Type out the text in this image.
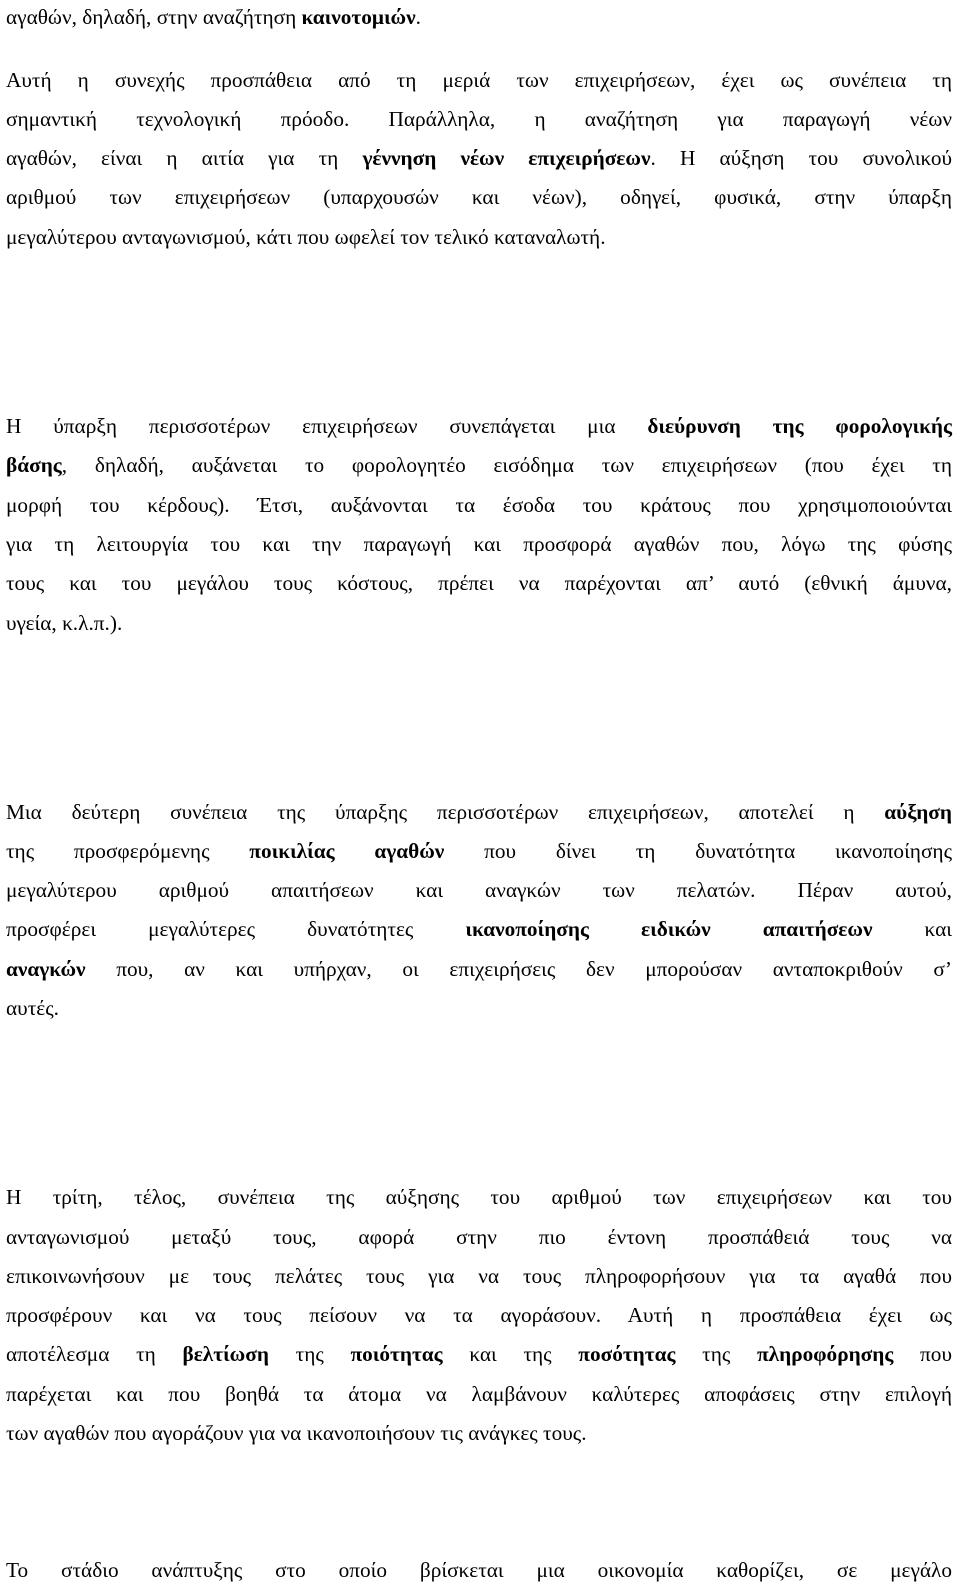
αγαθών, δηλαδή, στην αναζήτηση καινοτομιών.
Αυτή η συνεχής προσπάθεια από τη μεριά των επιχειρήσεων, έχει ως συνέπεια τη
σημαντική τεχνολογική πρόοδο. Παράλληλα, η αναζήτηση για παραγωγή νέων
αγαθών, είναι η αιτία για τη γέννηση νέων επιχειρήσεων. Η αύξηση του συνολικού
αριθμού των επιχειρήσεων (υπαρχουσών και νέων), οδηγεί, φυσικά, στην ύπαρξη
μεγαλύτερου ανταγωνισμού, κάτι που ωφελεί τον τελικό καταναλωτή.
Η ύπαρξη περισσοτέρων επιχειρήσεων συνεπάγεται μια διεύρυνση της φορολογικής
βάσης, δηλαδή, αυξάνεται το φορολογητέο εισόδημα των επιχειρήσεων (που έχει τη
μορφή του κέρδους). Έτσι, αυξάνονται τα έσοδα του κράτους που χρησιμοποιούνται
για τη λειτουργία του και την παραγωγή και προσφορά αγαθών που, λόγω της φύσης
τους και του μεγάλου τους κόστους, πρέπει να παρέχονται απ’ αυτό (εθνική άμυνα,
υγεία, κ.λ.π.).
Μια δεύτερη συνέπεια της ύπαρξης περισσοτέρων επιχειρήσεων, αποτελεί η αύξηση
της προσφερόμενης ποικιλίας αγαθών που δίνει τη δυνατότητα ικανοποίησης
μεγαλύτερου αριθμού απαιτήσεων και αναγκών των πελατών. Πέραν αυτού,
προσφέρει μεγαλύτερες δυνατότητες ικανοποίησης ειδικών απαιτήσεων και
αναγκών που, αν και υπήρχαν, οι επιχειρήσεις δεν μπορούσαν ανταποκριθούν σ’
αυτές.
Η τρίτη, τέλος, συνέπεια της αύξησης του αριθμού των επιχειρήσεων και του
ανταγωνισμού μεταξύ τους, αφορά στην πιο έντονη προσπάθειά τους να
επικοινωνήσουν με τους πελάτες τους για να τους πληροφορήσουν για τα αγαθά που
προσφέρουν και να τους πείσουν να τα αγοράσουν. Αυτή η προσπάθεια έχει ως
αποτέλεσμα τη βελτίωση της ποιότητας και της ποσότητας της πληροφόρησης που
παρέχεται και που βοηθά τα άτομα να λαμβάνουν καλύτερες αποφάσεις στην επιλογή
των αγαθών που αγοράζουν για να ικανοποιήσουν τις ανάγκες τους.
Το στάδιο ανάπτυξης στο οποίο βρίσκεται μια οικονομία καθορίζει, σε μεγάλο
